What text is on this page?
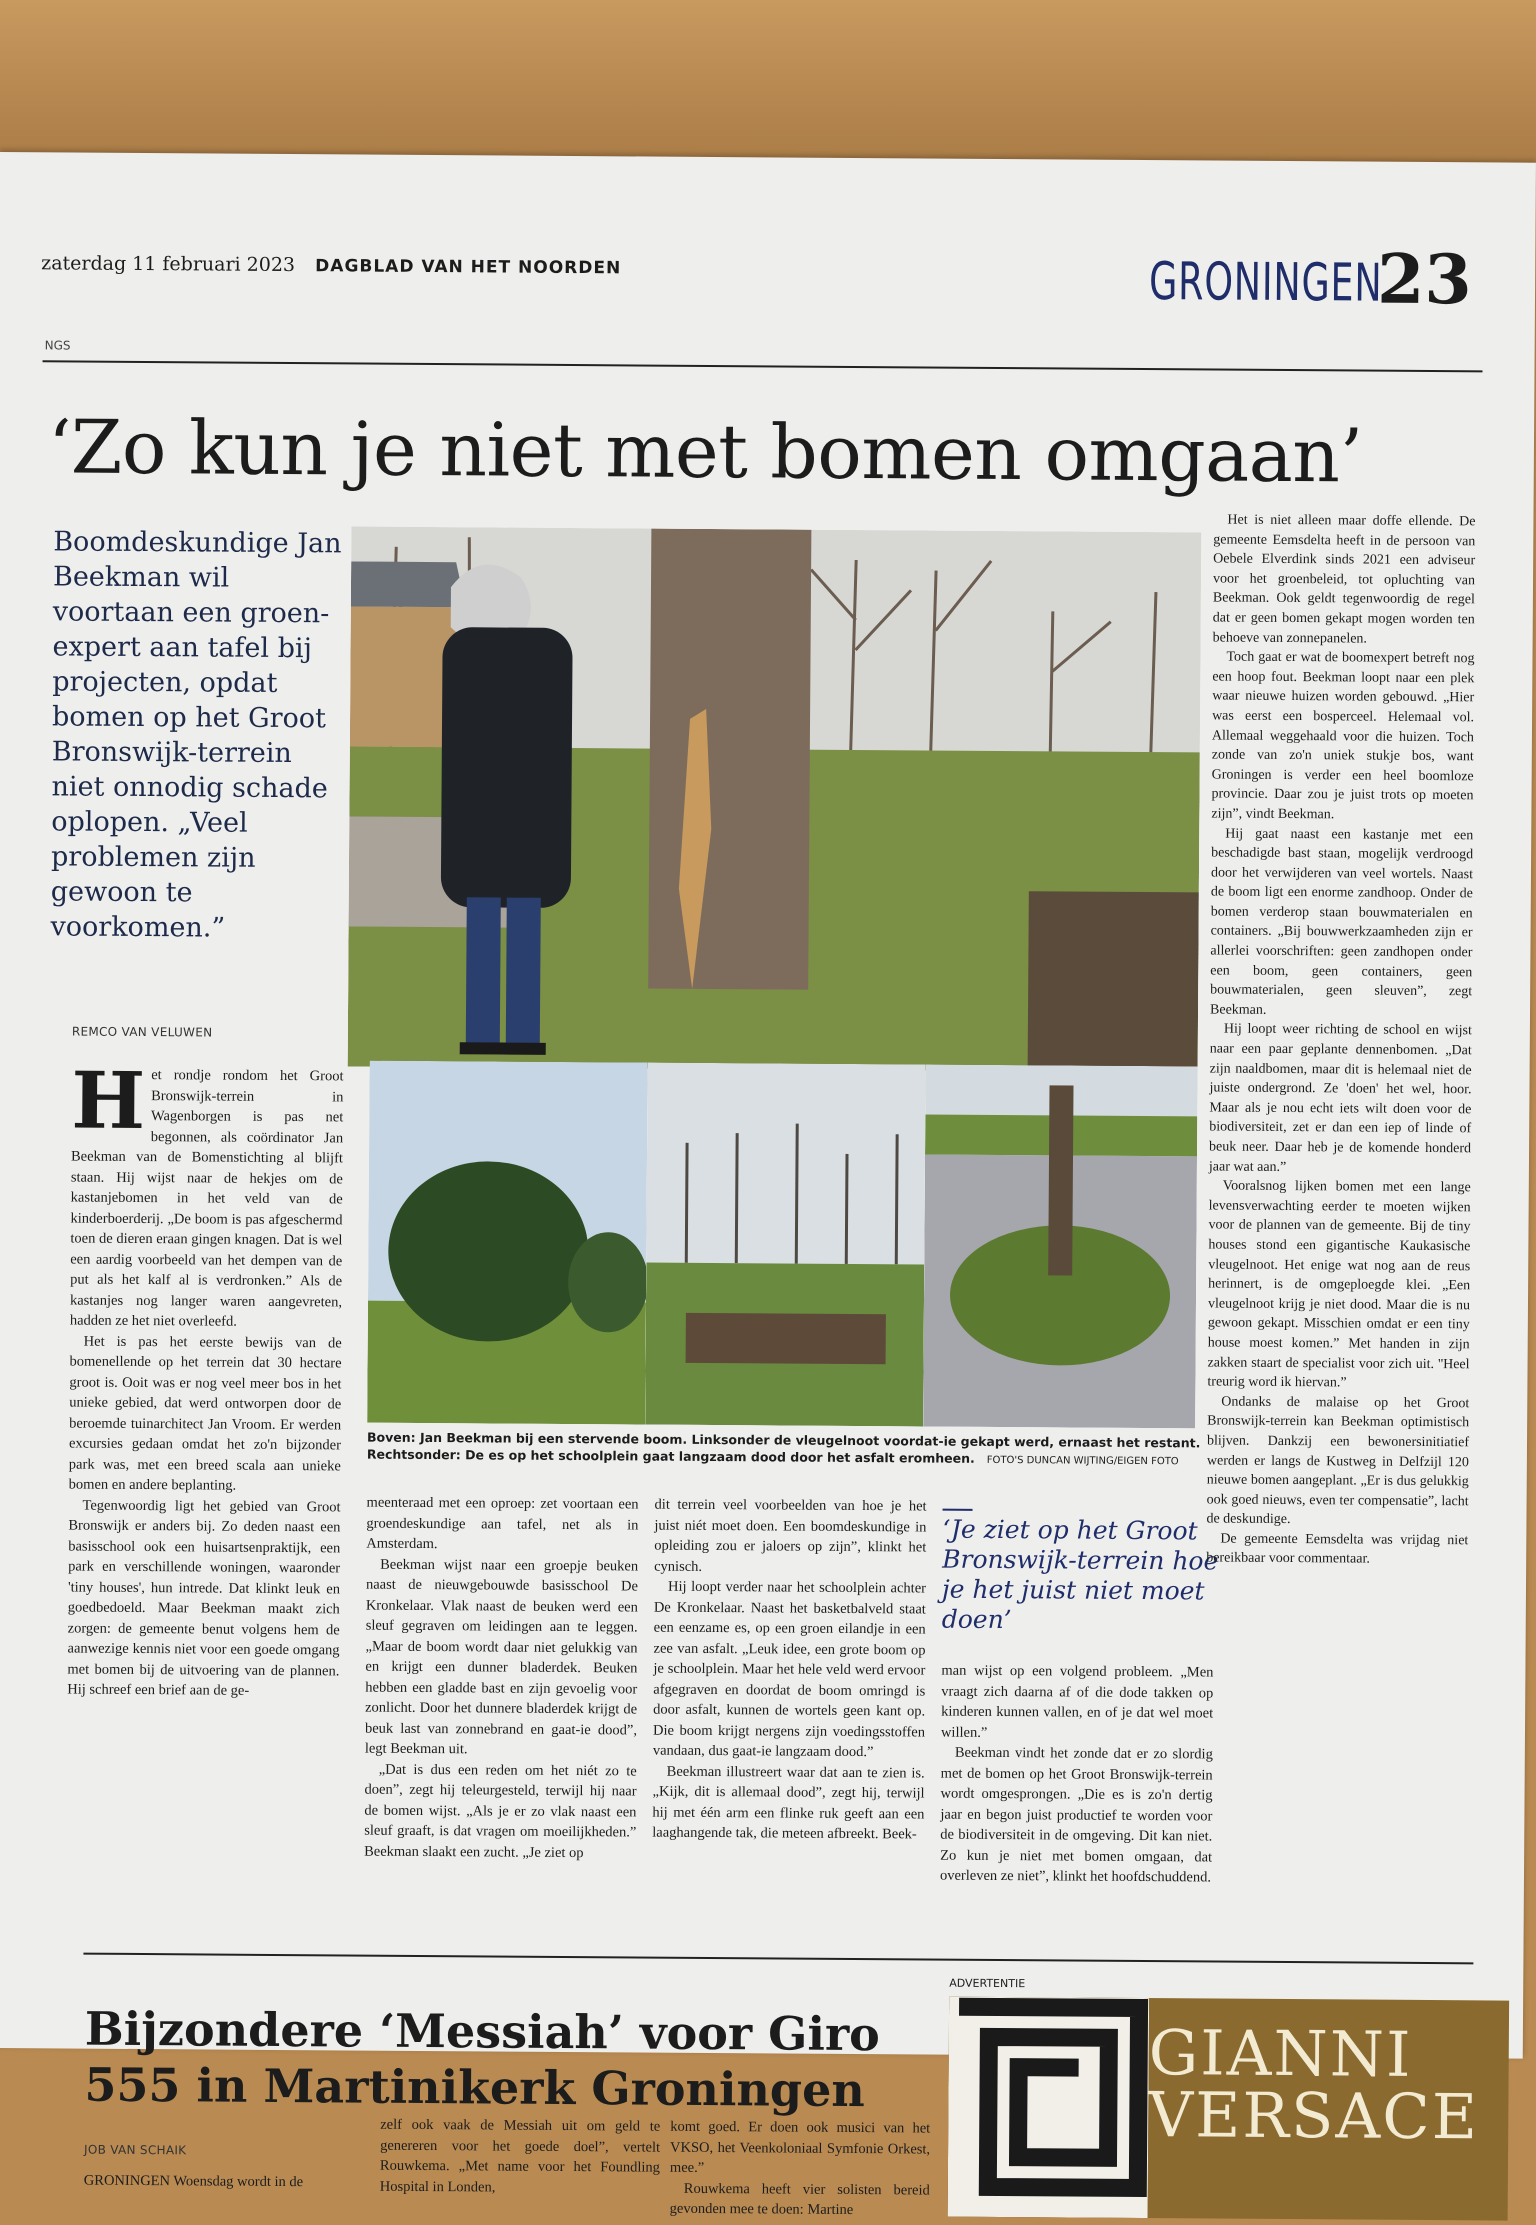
zaterdag 11 februari 2023 DAGBLAD VAN HET NOORDEN	GRONINGEN
23
NGS
‘Zo kun je niet met bomen omgaan’
Boomdeskundige Jan Beekman wil voortaan een groen-expert aan tafel bij projecten, opdat bomen op het Groot Bronswijk-terrein niet onnodig schade oplopen. „Veel problemen zijn gewoon te voorkomen.”
REMCO VAN VELUWEN
Boven: Jan Beekman bij een stervende boom. Linksonder de vleugelnoot voordat-ie gekapt werd, ernaast het restant.
Rechtsonder: De es op het schoolplein gaat langzaam dood door het asfalt eromheen. FOTO'S DUNCAN WIJTING/EIGEN FOTO
H et rondje rondom het Groot Bronswijk-terrein in Wagenborgen is pas net begonnen, als coördinator Jan Beekman van de Bomenstichting al blijft staan. Hij wijst naar de hekjes om de kastanjebomen in het veld van de kinderboerderij. „De boom is pas afgeschermd toen de dieren eraan gingen knagen. Dat is wel een aardig voorbeeld van het dempen van de put als het kalf al is verdronken.” Als de kastanjes nog langer waren aangevreten, hadden ze het niet overleefd.

Het is pas het eerste bewijs van de bomenellende op het terrein dat 30 hectare groot is. Ooit was er nog veel meer bos in het unieke gebied, dat werd ontworpen door de beroemde tuinarchitect Jan Vroom. Er werden excursies gedaan omdat het zo'n bijzonder park was, met een breed scala aan unieke bomen en andere beplanting.

Tegenwoordig ligt het gebied van Groot Bronswijk er anders bij. Zo deden naast een basisschool ook een huisartsenpraktijk, een park en verschillende woningen, waaronder 'tiny houses', hun intrede. Dat klinkt leuk en goedbedoeld. Maar Beekman maakt zich zorgen: de gemeente benut volgens hem de aanwezige kennis niet voor een goede omgang met bomen bij de uitvoering van de plannen. Hij schreef een brief aan de ge-

meenteraad met een oproep: zet voortaan een groendeskundige aan tafel, net als in Amsterdam.

Beekman wijst naar een groepje beuken naast de nieuwgebouwde basisschool De Kronkelaar. Vlak naast de beuken werd een sleuf gegraven om leidingen aan te leggen. „Maar de boom wordt daar niet gelukkig van en krijgt een dunner bladerdek. Beuken hebben een gladde bast en zijn gevoelig voor zonlicht. Door het dunnere bladerdek krijgt de beuk last van zonnebrand en gaat-ie dood”, legt Beekman uit.

„Dat is dus een reden om het niét zo te doen”, zegt hij teleurgesteld, terwijl hij naar de bomen wijst. „Als je er zo vlak naast een sleuf graaft, is dat vragen om moeilijkheden.” Beekman slaakt een zucht. „Je ziet op

dit terrein veel voorbeelden van hoe je het juist niét moet doen. Een boomdeskundige in opleiding zou er jaloers op zijn”, klinkt het cynisch.

Hij loopt verder naar het schoolplein achter De Kronkelaar. Naast het basketbalveld staat een eenzame es, op een groen eilandje in een zee van asfalt. „Leuk idee, een grote boom op je schoolplein. Maar het hele veld werd ervoor afgegraven en doordat de boom omringd is door asfalt, kunnen de wortels geen kant op. Die boom krijgt nergens zijn voedingsstoffen vandaan, dus gaat-ie langzaam dood.”

Beekman illustreert waar dat aan te zien is. „Kijk, dit is allemaal dood”, zegt hij, terwijl hij met één arm een flinke ruk geeft aan een laaghangende tak, die meteen afbreekt. Beek-

‘Je ziet op het Groot Bronswijk-terrein hoe je het juist niet moet doen’

man wijst op een volgend probleem. „Men vraagt zich daarna af of die dode takken op kinderen kunnen vallen, en of je dat wel moet willen.”

Beekman vindt het zonde dat er zo slordig met de bomen op het Groot Bronswijk-terrein wordt omgesprongen. „Die es is zo'n dertig jaar en begon juist productief te worden voor de biodiversiteit in de omgeving. Dit kan niet. Zo kun je niet met bomen omgaan, dat overleven ze niet”, klinkt het hoofdschuddend.

Het is niet alleen maar doffe ellende. De gemeente Eemsdelta heeft in de persoon van Oebele Elverdink sinds 2021 een adviseur voor het groenbeleid, tot opluchting van Beekman. Ook geldt tegenwoordig de regel dat er geen bomen gekapt mogen worden ten behoeve van zonnepanelen.

Toch gaat er wat de boomexpert betreft nog een hoop fout. Beekman loopt naar een plek waar nieuwe huizen worden gebouwd. „Hier was eerst een bosperceel. Helemaal vol. Allemaal weggehaald voor die huizen. Toch zonde van zo'n uniek stukje bos, want Groningen is verder een heel boomloze provincie. Daar zou je juist trots op moeten zijn”, vindt Beekman.

Hij gaat naast een kastanje met een beschadigde bast staan, mogelijk verdroogd door het verwijderen van veel wortels. Naast de boom ligt een enorme zandhoop. Onder de bomen verderop staan bouwmaterialen en containers. „Bij bouwwerkzaamheden zijn er allerlei voorschriften: geen zandhopen onder een boom, geen containers, geen bouwmaterialen, geen sleuven”, zegt Beekman.

Hij loopt weer richting de school en wijst naar een paar geplante dennenbomen. „Dat zijn naaldbomen, maar dit is helemaal niet de juiste ondergrond. Ze 'doen' het wel, hoor. Maar als je nou echt iets wilt doen voor de biodiversiteit, zet er dan een iep of linde of beuk neer. Daar heb je de komende honderd jaar wat aan.”

Vooralsnog lijken bomen met een lange levensverwachting eerder te moeten wijken voor de plannen van de gemeente. Bij de tiny houses stond een gigantische Kaukasische vleugelnoot. Het enige wat nog aan de reus herinnert, is de omgeploegde klei. „Een vleugelnoot krijg je niet dood. Maar die is nu gewoon gekapt. Misschien omdat er een tiny house moest komen.” Met handen in zijn zakken staart de specialist voor zich uit. ''Heel treurig word ik hiervan.”

Ondanks de malaise op het Groot Bronswijk-terrein kan Beekman optimistisch blijven. Dankzij een bewonersinitiatief werden er langs de Kustweg in Delfzijl 120 nieuwe bomen aangeplant. „Er is dus gelukkig ook goed nieuws, even ter compensatie”, lacht de deskundige.

De gemeente Eemsdelta was vrijdag niet bereikbaar voor commentaar.

Bijzondere ‘Messiah’ voor Giro 555 in Martinikerk Groningen
JOB VAN SCHAIK
GRONINGEN Woensdag wordt in de
zelf ook vaak de Messiah uit om geld te genereren voor het goede doel”, vertelt Rouwkema. „Met name voor het Foundling Hospital in Londen,

komt goed. Er doen ook musici van het VKSO, het Veenkoloniaal Symfonie Orkest, mee.”

Rouwkema heeft vier solisten bereid gevonden mee te doen: Martine

ADVERTENTIE
GIANNI
VERSACE
